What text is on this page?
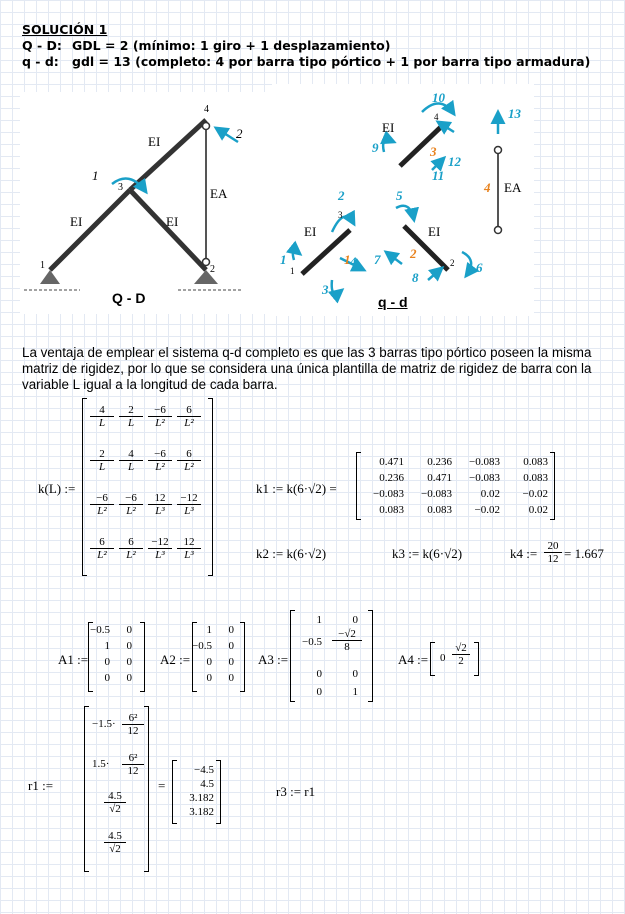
SOLUCIÓN 1
Q - D: GDL = 2 (mínimo: 1 giro + 1 desplazamiento)
q - d: gdl = 13 (completo: 4 por barra tipo pórtico + 1 por barra tipo armadura)
EI
EA
EI	EI
1	2
3
4
1
2
Q - D
EI
EA
EI	EI
10
13
9
12
11
2	5
1	4 7
6
3
8
1	2
3
4
1
2
3
4
q - d
La ventaja de emplear el sistema q-d completo es que las 3 barras tipo pórtico poseen la misma matriz de rigidez, por lo que se considera una única plantilla de matriz de rigidez de barra con la variable L igual a la longitud de cada barra.
k(L) :=
$\frac{4}{L} \frac{2}{L} \frac{-6}{\text{L²}} \frac{6}{\text{L²}}$
$\frac{2}{L} \frac{4}{L} \frac{-6}{\text{L²}} \frac{6}{\text{L²}}$
$\frac{-6}{\text{L²}} \frac{-6}{\text{L²}} \frac{12}{\text{L³}} \frac{-12}{\text{L³}}$
$\frac{6}{\text{L²}} \frac{6}{\text{L²}} \frac{-12}{\text{L³}} \frac{12}{\text{L³}}$
k1 := k(6·√2) =
0.471	0.236	−0.083	0.083
0.236	0.471	−0.083	0.083
−0.083	−0.083	0.02	−0.02
0.083	0.083	−0.02	0.02
k2 := k(6·√2)	k3 := k(6·√2)	k4 := $\frac{20}{12} = 1.667$
A1 :=
−0.5	0
1	0
0	0
0	0
A2 :=
1	0
−0.5	0
0	0
0	0
A3 :=
1	0
$-0.5 \frac{-√2}{8}$
0	0
0	1
A4 := $0 \frac{√2}{2}$
r1 :=
$-1.5\cdot \frac{\text{6²}}{12}$
$1.5\cdot \frac{\text{6²}}{12}$
$\frac{4.5}{√2}$
$\frac{4.5}{√2}$
=
−4.5
4.5
3.182
3.182
r3 := r1
